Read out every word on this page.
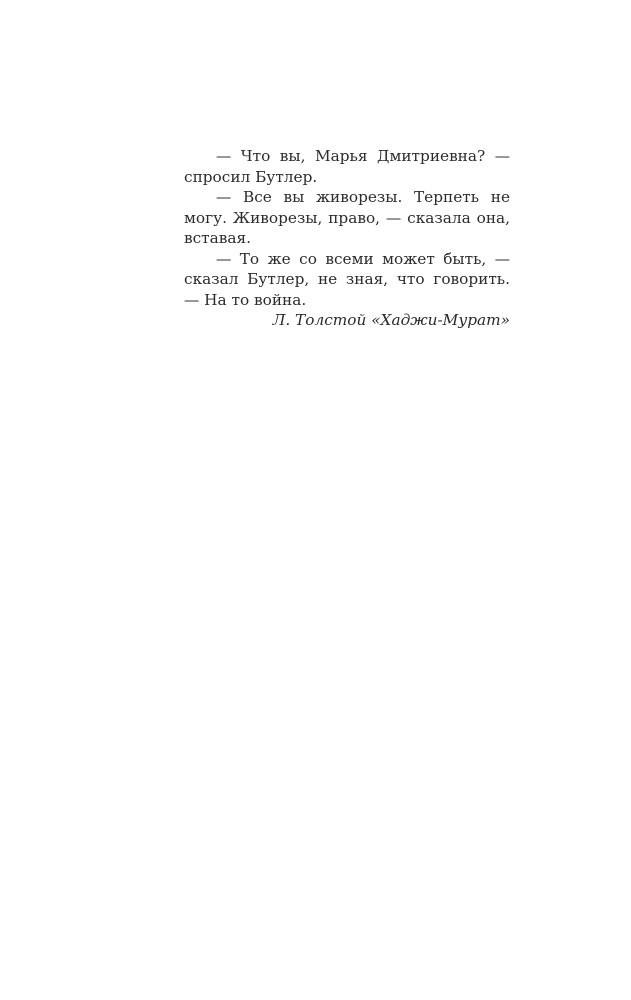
— Что вы, Марья Дмитриевна? — спросил Бутлер.

— Все вы живорезы. Терпеть не могу. Живорезы, право, — сказала она, вставая.

— То же со всеми может быть, — сказал Бутлер, не зная, что говорить. — На то война.

Л. Толстой «Хаджи-Мурат»
